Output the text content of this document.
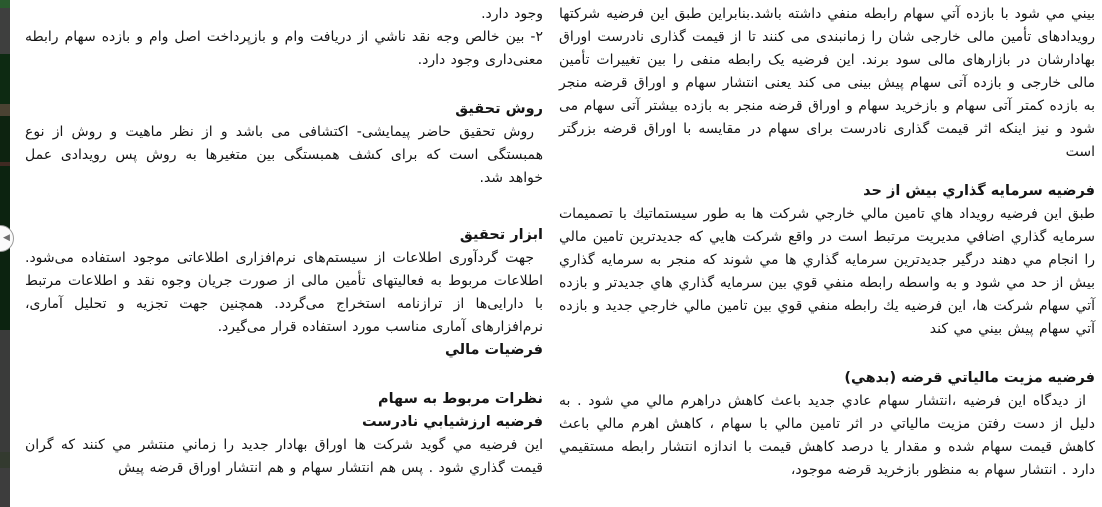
◀

وجود دارد.

۲- بين خالص وجه نقد ناشي از دريافت وام و بازپرداخت اصل وام و بازده سهام رابطه معنی‌داری وجود دارد.

روش تحقيق

روش تحقيق حاضر پيمايشی- اكتشافی می باشد و از نظر ماهيت و روش از نوع همبستگی است كه برای كشف همبستگی بين متغيرها به روش پس رويدادی عمل خواهد شد.

ابزار تحقيق

جهت گردآوری اطلاعات از سيستم‌های نرم‌افزاری اطلاعاتی موجود استفاده می‌شود. اطلاعات مربوط به فعاليتهای تأمين مالی از صورت جريان وجوه نقد و اطلاعات مرتبط با دارايی‌ها از ترازنامه استخراج می‌گردد. همچنين جهت تجزيه و تحليل آماری، نرم‌افزارهای آماری مناسب مورد استفاده قرار می‌گيرد.

فرضيات مالي
نظرات مربوط به سهام
فرضيه ارزشيابي نادرست

اين فرضيه مي گويد شركت ها اوراق بهادار جديد را زماني منتشر مي كنند كه گران قيمت گذاري شود . پس هم انتشار سهام و هم انتشار اوراق قرضه پيش

بيني مي شود با بازده آتي سهام رابطه منفي داشته باشد.بنابراين طبق اين فرضيه شركتها رويدادهای تأمين مالی خارجی شان را زمانبندی می كنند تا از قيمت گذاری نادرست اوراق بهادارشان در بازارهای مالی سود برند. اين فرضيه يک رابطه منفی را بين تغييرات تأمين مالی خارجی و بازده آتی سهام پيش بينی می كند يعنی انتشار سهام و اوراق قرضه منجر به بازده كمتر آتی سهام و بازخريد سهام و اوراق قرضه منجر به بازده بيشتر آتی سهام می شود و نيز اينكه اثر قيمت گذاری نادرست برای سهام در مقايسه با اوراق قرضه بزرگتر است

فرضيه سرمايه گذاري بيش از حد

طبق اين فرضيه رويداد هاي تامين مالي خارجي شركت ها به طور سيستماتيك با تصميمات سرمايه گذاري اضافي مديريت مرتبط است در واقع شركت هايي كه جديدترين تامين مالي را انجام مي دهند درگير جديدترين سرمايه گذاري ها مي شوند كه منجر به سرمايه گذاري بيش از حد مي شود و به واسطه رابطه منفي قوي بين سرمايه گذاري هاي جديدتر و بازده آتي سهام شركت ها، اين فرضيه يك رابطه منفي قوي بين تامين مالي خارجي جديد و بازده آتي سهام پيش بيني مي كند

فرضيه مزيت مالياتي قرضه (بدهي)

از ديدگاه اين فرضيه ،انتشار سهام عادي جديد باعث كاهش دراهرم مالي مي شود . به دليل از دست رفتن مزيت مالياتي در اثر تامين مالي با سهام ، كاهش اهرم مالي باعث كاهش قيمت سهام شده و مقدار يا درصد كاهش قيمت با اندازه انتشار رابطه مستقيمي دارد . انتشار سهام به منظور بازخريد قرضه موجود،
